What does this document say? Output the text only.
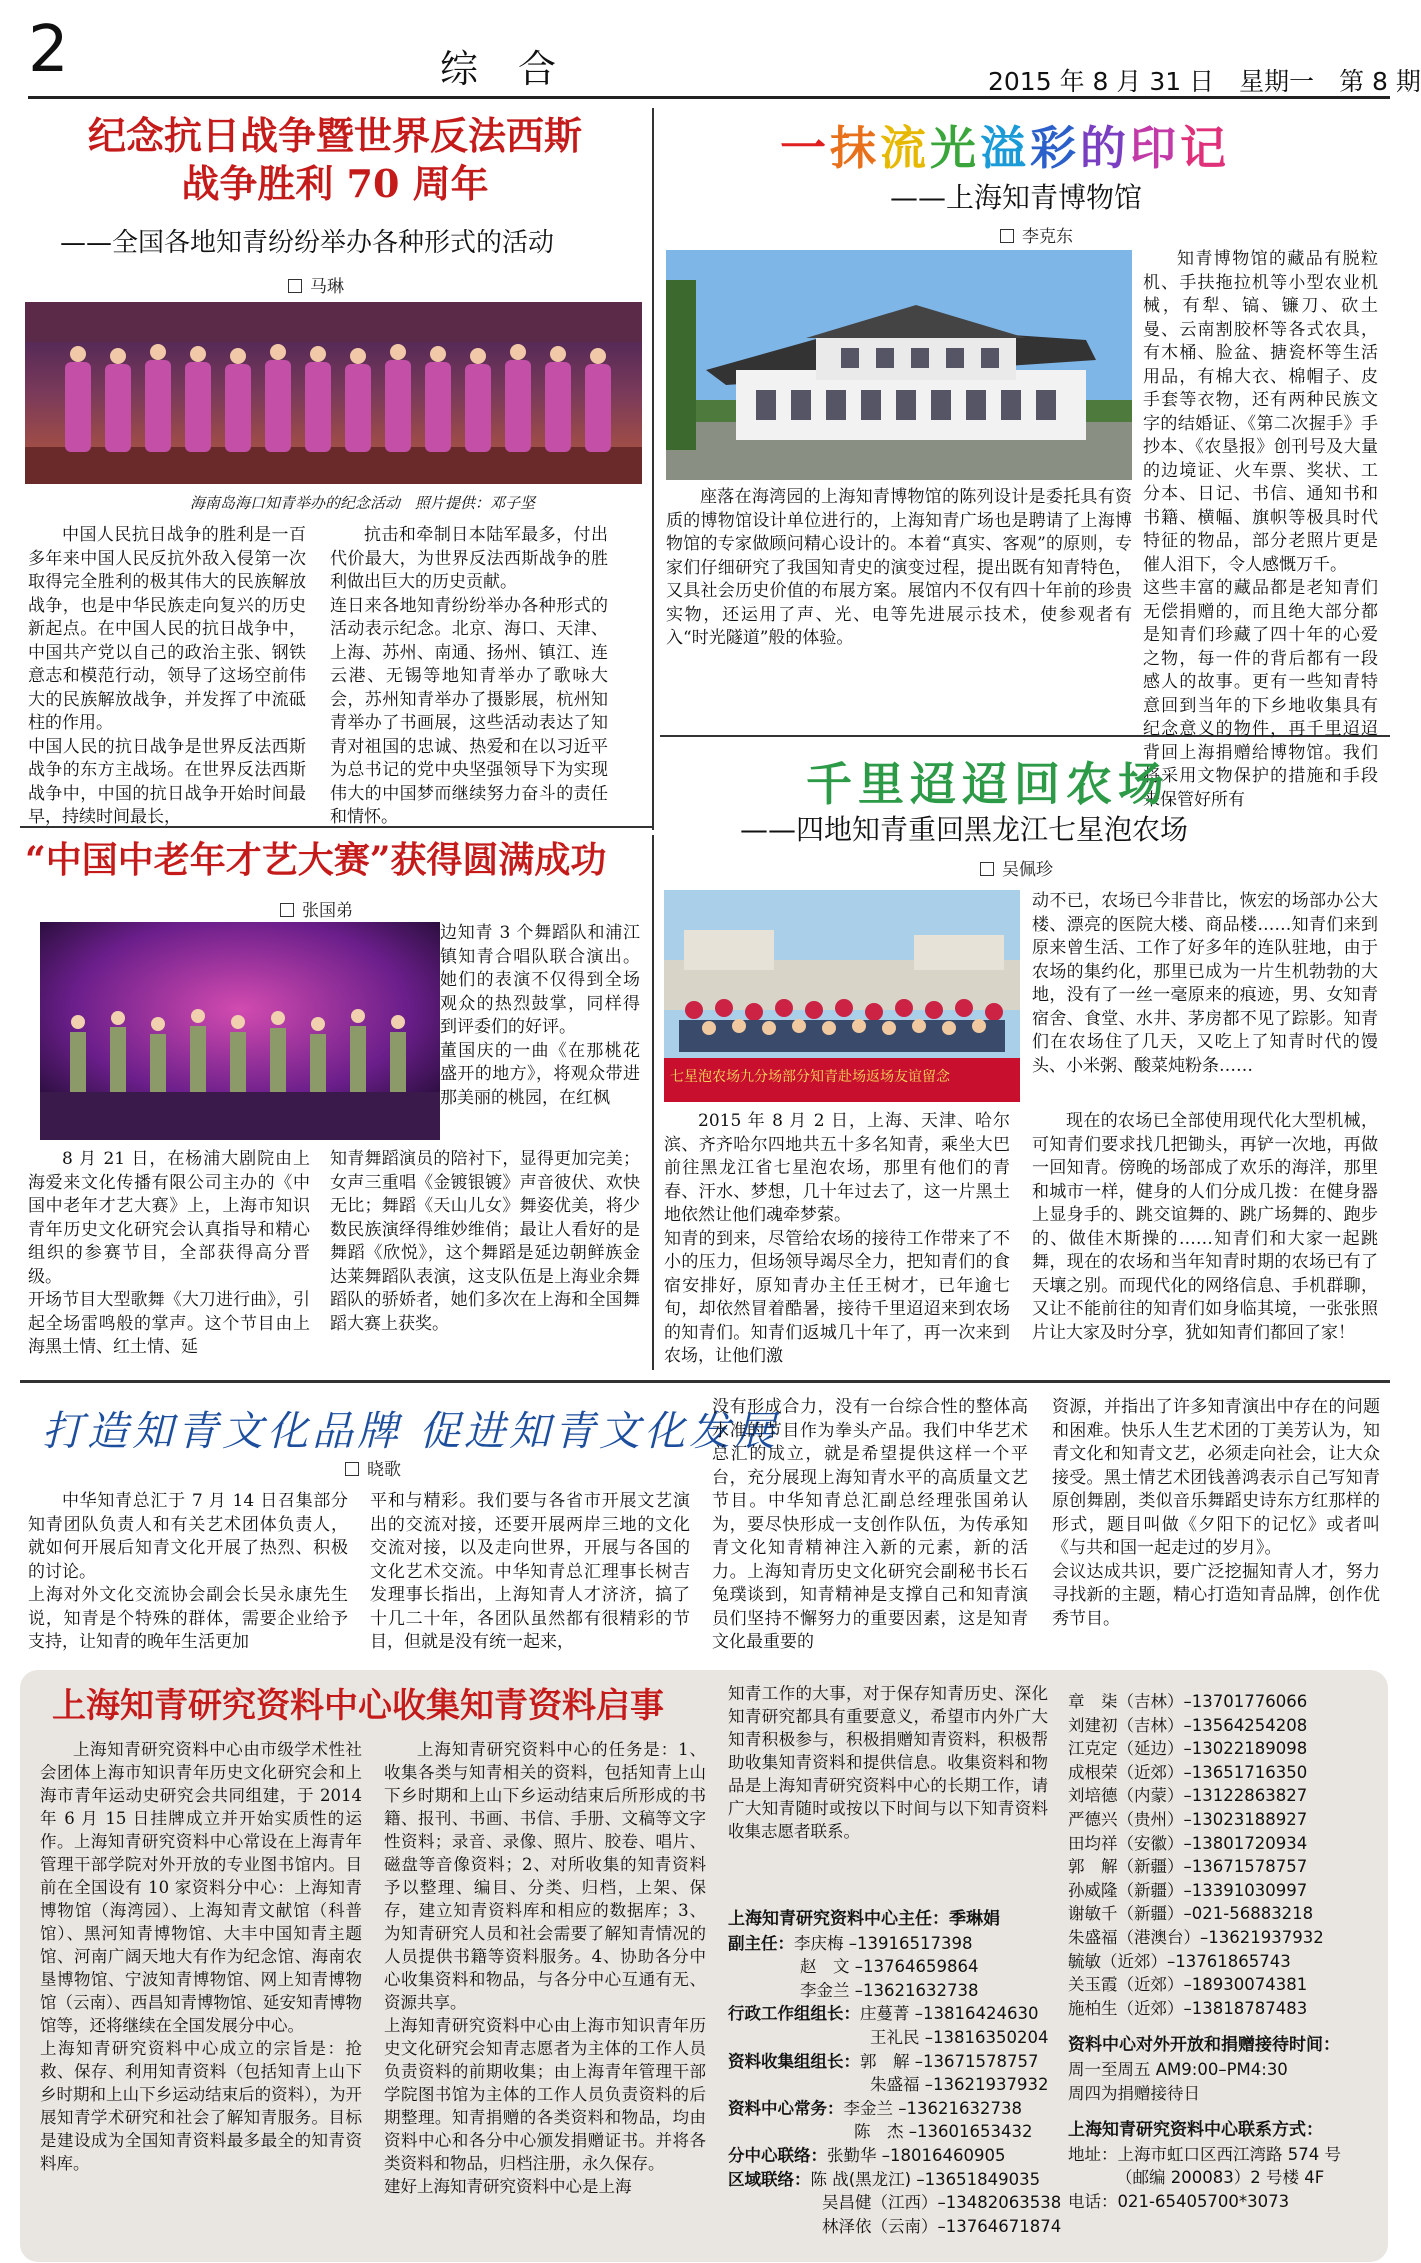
2	综合	2015 年 8 月 31 日　星期一　第 8 期
纪念抗日战争暨世界反法西斯
战争胜利 70 周年
——全国各地知青纷纷举办各种形式的活动
马琳
海南岛海口知青举办的纪念活动　照片提供：邓子坚

中国人民抗日战争的胜利是一百多年来中国人民反抗外敌入侵第一次取得完全胜利的极其伟大的民族解放战争，也是中华民族走向复兴的历史新起点。在中国人民的抗日战争中，中国共产党以自己的政治主张、钢铁意志和模范行动，领导了这场空前伟大的民族解放战争，并发挥了中流砥柱的作用。
中国人民的抗日战争是世界反法西斯战争的东方主战场。在世界反法西斯战争中，中国的抗日战争开始时间最早，持续时间最长，

抗击和牵制日本陆军最多，付出代价最大，为世界反法西斯战争的胜利做出巨大的历史贡献。
连日来各地知青纷纷举办各种形式的活动表示纪念。北京、海口、天津、上海、苏州、南通、扬州、镇江、连云港、无锡等地知青举办了歌咏大会，苏州知青举办了摄影展，杭州知青举办了书画展，这些活动表达了知青对祖国的忠诚、热爱和在以习近平为总书记的党中央坚强领导下为实现伟大的中国梦而继续努力奋斗的责任和情怀。

一抹流光溢彩的印记
——上海知青博物馆
李克东

知青博物馆的藏品有脱粒机、手扶拖拉机等小型农业机械，有犁、镐、镰刀、砍土曼、云南割胶杯等各式农具，有木桶、脸盆、搪瓷杯等生活用品，有棉大衣、棉帽子、皮手套等衣物，还有两种民族文字的结婚证、《第二次握手》手抄本、《农垦报》创刊号及大量的边境证、火车票、奖状、工分本、日记、书信、通知书和书籍、横幅、旗帜等极具时代特征的物品，部分老照片更是催人泪下，令人感慨万千。
这些丰富的藏品都是老知青们无偿捐赠的，而且绝大部分都是知青们珍藏了四十年的心爱之物，每一件的背后都有一段感人的故事。更有一些知青特意回到当年的下乡地收集具有纪念意义的物件，再千里迢迢背回上海捐赠给博物馆。我们将采用文物保护的措施和手段来保管好所有

座落在海湾园的上海知青博物馆的陈列设计是委托具有资质的博物馆设计单位进行的，上海知青广场也是聘请了上海博物馆的专家做顾问精心设计的。本着“真实、客观”的原则，专家们仔细研究了我国知青史的演变过程，提出既有知青特色，又具社会历史价值的布展方案。展馆内不仅有四十年前的珍贵实物，还运用了声、光、电等先进展示技术，使参观者有入“时光隧道”般的体验。

千里迢迢回农场
——四地知青重回黑龙江七星泡农场
吴佩珍
七星泡农场九分场部分知青赴场返场友谊留念

动不已，农场已今非昔比，恢宏的场部办公大楼、漂亮的医院大楼、商品楼……知青们来到原来曾生活、工作了好多年的连队驻地，由于农场的集约化，那里已成为一片生机勃勃的大地，没有了一丝一毫原来的痕迹，男、女知青宿舍、食堂、水井、茅房都不见了踪影。知青们在农场住了几天，又吃上了知青时代的馒头、小米粥、酸菜炖粉条……

2015 年 8 月 2 日，上海、天津、哈尔滨、齐齐哈尔四地共五十多名知青，乘坐大巴前往黑龙江省七星泡农场，那里有他们的青春、汗水、梦想，几十年过去了，这一片黑土地依然让他们魂牵梦萦。
知青的到来，尽管给农场的接待工作带来了不小的压力，但场领导竭尽全力，把知青们的食宿安排好，原知青办主任王树才，已年逾七旬，却依然冒着酷暑，接待千里迢迢来到农场的知青们。知青们返城几十年了，再一次来到农场，让他们激

现在的农场已全部使用现代化大型机械，可知青们要求找几把锄头，再铲一次地，再做一回知青。傍晚的场部成了欢乐的海洋，那里和城市一样，健身的人们分成几拨：在健身器上显身手的、跳交谊舞的、跳广场舞的、跑步的、做佳木斯操的……知青们和大家一起跳舞，现在的农场和当年知青时期的农场已有了天壤之别。而现代化的网络信息、手机群聊，又让不能前往的知青们如身临其境，一张张照片让大家及时分享，犹如知青们都回了家！

“中国中老年才艺大赛”获得圆满成功
张国弟

边知青 3 个舞蹈队和浦江镇知青合唱队联合演出。她们的表演不仅得到全场观众的热烈鼓掌，同样得到评委们的好评。
董国庆的一曲《在那桃花盛开的地方》，将观众带进那美丽的桃园，在红枫

8 月 21 日，在杨浦大剧院由上海爱来文化传播有限公司主办的《中国中老年才艺大赛》上，上海市知识青年历史文化研究会认真指导和精心组织的参赛节目，全部获得高分晋级。
开场节目大型歌舞《大刀进行曲》，引起全场雷鸣般的掌声。这个节目由上海黑土情、红土情、延

知青舞蹈演员的陪衬下，显得更加完美；女声三重唱《金镀银镀》声音彼伏、欢快无比；舞蹈《天山儿女》舞姿优美，将少数民族演绎得维妙维俏；最让人看好的是舞蹈《欣悦》，这个舞蹈是延边朝鲜族金达莱舞蹈队表演，这支队伍是上海业余舞蹈队的骄娇者，她们多次在上海和全国舞蹈大赛上获奖。

打造知青文化品牌 促进知青文化发展
晓歌

中华知青总汇于 7 月 14 日召集部分知青团队负责人和有关艺术团体负责人，就如何开展后知青文化开展了热烈、积极的讨论。
上海对外文化交流协会副会长吴永康先生说，知青是个特殊的群体，需要企业给予支持，让知青的晚年生活更加

平和与精彩。我们要与各省市开展文艺演出的交流对接，还要开展两岸三地的文化交流对接，以及走向世界，开展与各国的文化艺术交流。中华知青总汇理事长树吉发理事长指出，上海知青人才济济，搞了十几二十年，各团队虽然都有很精彩的节目，但就是没有统一起来，

没有形成合力，没有一台综合性的整体高水准的节目作为拳头产品。我们中华艺术总汇的成立，就是希望提供这样一个平台，充分展现上海知青水平的高质量文艺节目。中华知青总汇副总经理张国弟认为，要尽快形成一支创作队伍，为传承知青文化知青精神注入新的元素，新的活力。上海知青历史文化研究会副秘书长石兔璞谈到，知青精神是支撑自己和知青演员们坚持不懈努力的重要因素，这是知青文化最重要的

资源，并指出了许多知青演出中存在的问题和困难。快乐人生艺术团的丁美芳认为，知青文化和知青文艺，必须走向社会，让大众接受。黑土情艺术团钱善鸿表示自己写知青原创舞剧，类似音乐舞蹈史诗东方红那样的形式，题目叫做《夕阳下的记忆》或者叫《与共和国一起走过的岁月》。
会议达成共识，要广泛挖掘知青人才，努力寻找新的主题，精心打造知青品牌，创作优秀节目。

上海知青研究资料中心收集知青资料启事

上海知青研究资料中心由市级学术性社会团体上海市知识青年历史文化研究会和上海市青年运动史研究会共同组建，于 2014 年 6 月 15 日挂牌成立并开始实质性的运作。上海知青研究资料中心常设在上海青年管理干部学院对外开放的专业图书馆内。目前在全国设有 10 家资料分中心：上海知青博物馆（海湾园）、上海知青文献馆（科普馆）、黑河知青博物馆、大丰中国知青主题馆、河南广阔天地大有作为纪念馆、海南农垦博物馆、宁波知青博物馆、网上知青博物馆（云南）、西昌知青博物馆、延安知青博物馆等，还将继续在全国发展分中心。
上海知青研究资料中心成立的宗旨是：抢救、保存、利用知青资料（包括知青上山下乡时期和上山下乡运动结束后的资料），为开展知青学术研究和社会了解知青服务。目标是建设成为全国知青资料最多最全的知青资料库。

上海知青研究资料中心的任务是：1、收集各类与知青相关的资料，包括知青上山下乡时期和上山下乡运动结束后所形成的书籍、报刊、书画、书信、手册、文稿等文字性资料；录音、录像、照片、胶卷、唱片、磁盘等音像资料；2、对所收集的知青资料予以整理、编目、分类、归档，上架、保存，建立知青资料库和相应的数据库；3、为知青研究人员和社会需要了解知青情况的人员提供书籍等资料服务。4、协助各分中心收集资料和物品，与各分中心互通有无、资源共享。
上海知青研究资料中心由上海市知识青年历史文化研究会知青志愿者为主体的工作人员负责资料的前期收集；由上海青年管理干部学院图书馆为主体的工作人员负责资料的后期整理。知青捐赠的各类资料和物品，均由资料中心和各分中心颁发捐赠证书。并将各类资料和物品，归档注册，永久保存。
建好上海知青研究资料中心是上海

知青工作的大事，对于保存知青历史、深化知青研究都具有重要意义，希望市内外广大知青积极参与，积极捐赠知青资料，积极帮助收集知青资料和提供信息。收集资料和物品是上海知青研究资料中心的长期工作，请广大知青随时或按以下时间与以下知青资料收集志愿者联系。

上海知青研究资料中心主任：季琳娟
副主任：李庆梅 –13916517398
赵　文 –13764659864
李金兰 –13621632738
行政工作组组长：庄蔓菁 –13816424630
王礼民 –13816350204
资料收集组组长：郭　解 –13671578757
朱盛福 –13621937932
资料中心常务：李金兰 –13621632738
陈　杰 –13601653432
分中心联络：张勤华 –18016460905
区域联络：陈 战(黑龙江) –13651849035
吴昌健（江西）–13482063538
林泽依（云南）–13764671874
章　柒（吉林）–13701776066
刘建初（吉林）–13564254208
江克定（延边）–13022189098
成根荣（近郊）–13651716350
刘培德（内蒙）–13122863827
严德兴（贵州）–13023188927
田均祥（安徽）–13801720934
郭　解（新疆）–13671578757
孙威隆（新疆）–13391030997
谢敏千（新疆）–021-56883218
朱盛福（港澳台）–13621937932
毓敏（近郊）–13761865743
关玉霞（近郊）–18930074381
施柏生（近郊）–13818787483
资料中心对外开放和捐赠接待时间：
周一至周五 AM9:00–PM4:30
周四为捐赠接待日
上海知青研究资料中心联系方式：
地址：上海市虹口区西江湾路 574 号
（邮编 200083）2 号楼 4F
电话：021-65405700*3073
